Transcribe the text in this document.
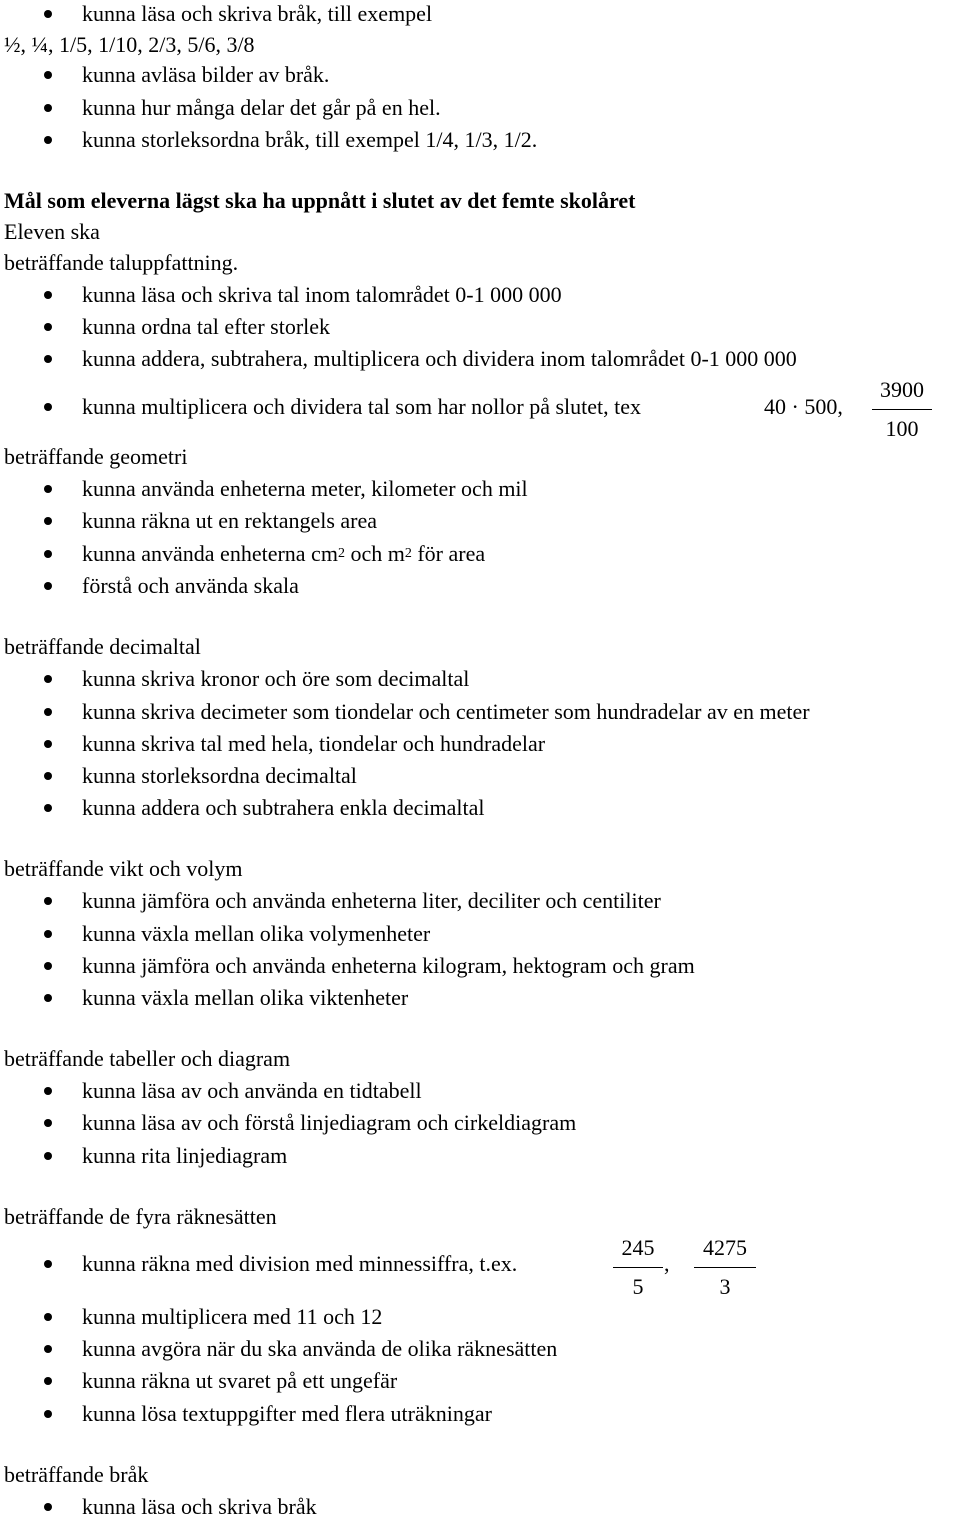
kunna läsa och skriva bråk, till exempel
½, ¼, 1/5, 1/10, 2/3, 5/6, 3/8
kunna avläsa bilder av bråk.
kunna hur många delar det går på en hel.
kunna storleksordna bråk, till exempel 1/4, 1/3, 1/2.
Mål som eleverna lägst ska ha uppnått i slutet av det femte skolåret
Eleven ska
beträffande taluppfattning.
kunna läsa och skriva tal inom talområdet 0-1 000 000
kunna ordna tal efter storlek
kunna addera, subtrahera, multiplicera och dividera inom talområdet 0-1 000 000
kunna multiplicera och dividera tal som har nollor på slutet, tex	40 · 500,
3900
100
beträffande geometri
kunna använda enheterna meter, kilometer och mil
kunna räkna ut en rektangels area
kunna använda enheterna $cm^2$ och $m^2$ för area
förstå och använda skala
beträffande decimaltal
kunna skriva kronor och öre som decimaltal
kunna skriva decimeter som tiondelar och centimeter som hundradelar av en meter
kunna skriva tal med hela, tiondelar och hundradelar
kunna storleksordna decimaltal
kunna addera och subtrahera enkla decimaltal
beträffande vikt och volym
kunna jämföra och använda enheterna liter, deciliter och centiliter
kunna växla mellan olika volymenheter
kunna jämföra och använda enheterna kilogram, hektogram och gram
kunna växla mellan olika viktenheter
beträffande tabeller och diagram
kunna läsa av och använda en tidtabell
kunna läsa av och förstå linjediagram och cirkeldiagram
kunna rita linjediagram
beträffande de fyra räknesätten
kunna räkna med division med minnessiffra, t.ex.	,
245
5
4275
3
kunna multiplicera med 11 och 12
kunna avgöra när du ska använda de olika räknesätten
kunna räkna ut svaret på ett ungefär
kunna lösa textuppgifter med flera uträkningar
beträffande bråk
kunna läsa och skriva bråk
